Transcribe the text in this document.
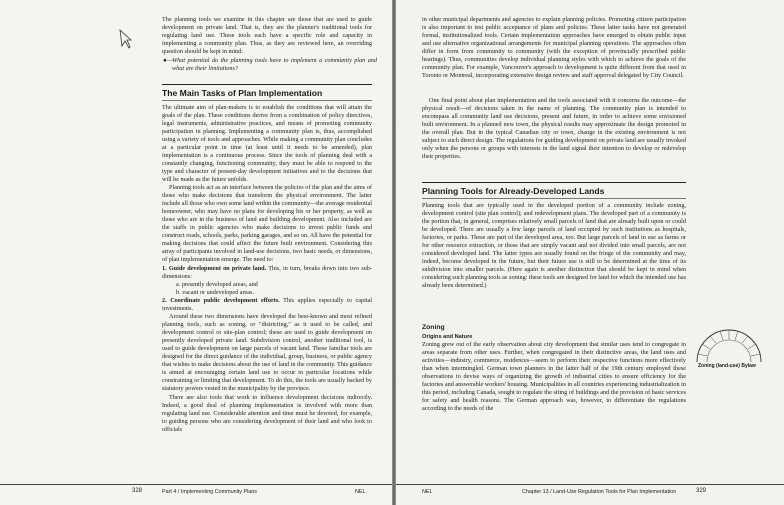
The planning tools we examine in this chapter are those that are used to guide development on private land. That is, they are the planner's traditional tools for regulating land use. These tools each have a specific role and capacity in implementing a community plan. Thus, as they are reviewed here, an overriding question should be kept in mind:

●— What potential do the planning tools have to implement a community plan and what are their limitations?

The Main Tasks of Plan Implementation

The ultimate aim of plan-makers is to establish the conditions that will attain the goals of the plan. These conditions derive from a combination of policy directives, legal instruments, administrative practices, and means of promoting community participation in planning. Implementing a community plan is, thus, accomplished using a variety of tools and approaches. While making a community plan concludes at a particular point in time (at least until it needs to be amended), plan implementation is a continuous process. Since the tools of planning deal with a constantly changing, functioning community, they must be able to respond to the type and character of present-day development initiatives and to the decisions that will be made as the future unfolds.

Planning tools act as an interface between the policies of the plan and the aims of those who make decisions that transform the physical environment. The latter include all those who own some land within the community—the average residential homeowner, who may have no plans for developing his or her property, as well as those who are in the business of land and building development. Also included are the staffs in public agencies who make decisions to invest public funds and construct roads, schools, parks, parking garages, and so on. All have the potential for making decisions that could affect the future built environment. Considering this array of participants involved in land-use decisions, two basic needs, or dimensions, of plan implementation emerge. The need to:

1. Guide development on private land. This, in turn, breaks down into two sub-dimensions:

a. presently developed areas, and

b. vacant or undeveloped areas.

2. Coordinate public development efforts. This applies especially to capital investments.

Around these two dimensions have developed the best-known and most refined planning tools, such as zoning, or "districting," as it used to be called, and development control or site-plan control; these are used to guide development on presently developed private land. Subdivision control, another traditional tool, is used to guide development on large parcels of vacant land. These familiar tools are designed for the direct guidance of the individual, group, business, or public agency that wishes to make decisions about the use of land in the community. This guidance is aimed at encouraging certain land use to occur in particular locations while constraining or limiting that development. To do this, the tools are usually backed by statutory powers vested in the municipality by the province.

There are also tools that work to influence development decisions indirectly. Indeed, a good deal of planning implementation is involved with more than regulating land use. Considerable attention and time must be devoted, for example, to guiding persons who are considering development of their land and who look to officials

328	Part 4 / Implementing Community Plans	NEL

in other municipal departments and agencies to explain planning policies. Promoting citizen participation is also important to test public acceptance of plans and policies. These latter tasks have not generated formal, institutionalized tools. Certain implementation approaches have emerged to obtain public input and use alternative organizational arrangements for municipal planning operations. The approaches often differ in form from community to community (with the exception of provincially prescribed public hearings). Thus, communities develop individual planning styles with which to achieve the goals of the community plan. For example, Vancouver's approach to development is quite different from that used in Toronto or Montreal, incorporating extensive design review and staff approval delegated by City Council.

One final point about plan implementation and the tools associated with it concerns the outcome—the physical result—of decisions taken in the name of planning. The community plan is intended to encompass all community land use decisions, present and future, in order to achieve some envisioned built environment. In a planned new town, the physical results may approximate the design promoted in the overall plan. But in the typical Canadian city or town, change in the existing environment is not subject to such direct design. The regulations for guiding development on private land are usually invoked only when the persons or groups with interests in the land signal their intention to develop or redevelop their properties.

Planning Tools for Already-Developed Lands

Planning tools that are typically used in the developed portion of a community include zoning, development control (site plan control); and redevelopment plans. The developed part of a community is the portion that, in general, comprises relatively small parcels of land that are already built upon or could be developed. There are usually a few large parcels of land occupied by such institutions as hospitals, factories, or parks. These are part of the developed area, too. But large parcels of land in use as farms or for other resource extraction, or those that are simply vacant and not divided into small parcels, are not considered developed land. The latter types are usually found on the fringe of the community and may, indeed, become developed in the future, but their future use is still to be determined at the time of its subdivision into smaller parcels. (Here again is another distinction that should be kept in mind when considering such planning tools as zoning: these tools are designed for land for which the intended use has already been determined.)

Zoning
Origins and Nature

Zoning grew out of the early observation about city development that similar uses tend to congregate in areas separate from other uses. Further, when congregated in their distinctive areas, the land uses and activities—industry, commerce, residences—seem to perform their respective functions more effectively than when intermingled. German town planners in the latter half of the 19th century employed these observations to devise ways of organizing the growth of industrial cities to ensure efficiency for the factories and answerable workers' housing. Municipalities in all countries experiencing industrialization in this period, including Canada, sought to regulate the siting of buildings and the provision of basic services for safety and health reasons. The German approach was, however, to differentiate the regulations according to the needs of the

Zoning (land-use) Bylaw
NEL	Chapter 13 / Land-Use Regulation Tools for Plan Implementation	329
